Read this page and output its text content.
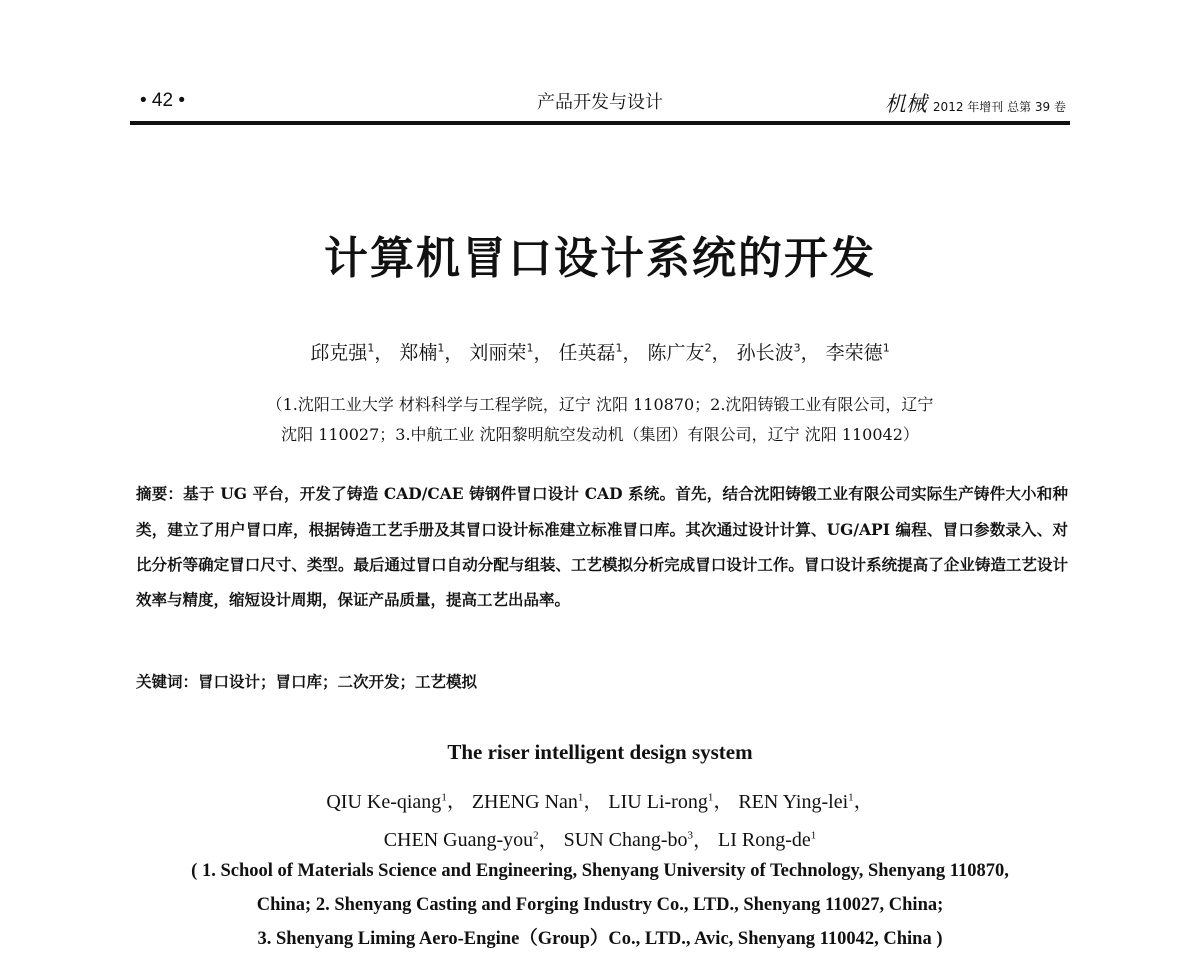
• 42 •	产品开发与设计	机械 2012 年增刊 总第 39 卷
计算机冒口设计系统的开发
邱克强$^1$， 郑楠$^1$， 刘丽荣$^1$， 任英磊$^1$， 陈广友$^2$， 孙长波$^3$， 李荣德$^1$
（1.沈阳工业大学 材料科学与工程学院，辽宁 沈阳 110870；2.沈阳铸锻工业有限公司，辽宁
沈阳 110027；3.中航工业 沈阳黎明航空发动机（集团）有限公司，辽宁 沈阳 110042）
摘要：基于 UG 平台，开发了铸造 CAD/CAE 铸钢件冒口设计 CAD 系统。首先，结合沈阳铸锻工业有限公司实际生产铸件大小和种类，建立了用户冒口库，根据铸造工艺手册及其冒口设计标准建立标准冒口库。其次通过设计计算、UG/API 编程、冒口参数录入、对比分析等确定冒口尺寸、类型。最后通过冒口自动分配与组装、工艺模拟分析完成冒口设计工作。冒口设计系统提高了企业铸造工艺设计效率与精度，缩短设计周期，保证产品质量，提高工艺出品率。
关键词：冒口设计；冒口库；二次开发；工艺模拟
The riser intelligent design system
QIU Ke-qiang$^1$， ZHENG Nan$^1$， LIU Li-rong$^1$， REN Ying-lei$^1$，
CHEN Guang-you$^2$， SUN Chang-$bo^3$， LI Rong-$de^1$
( 1. School of Materials Science and Engineering, Shenyang University of Technology, Shenyang 110870,
China; 2. Shenyang Casting and Forging Industry Co., LTD., Shenyang 110027, China;
3. Shenyang Liming Aero-Engine（Group）Co., LTD., Avic, Shenyang 110042, China )
